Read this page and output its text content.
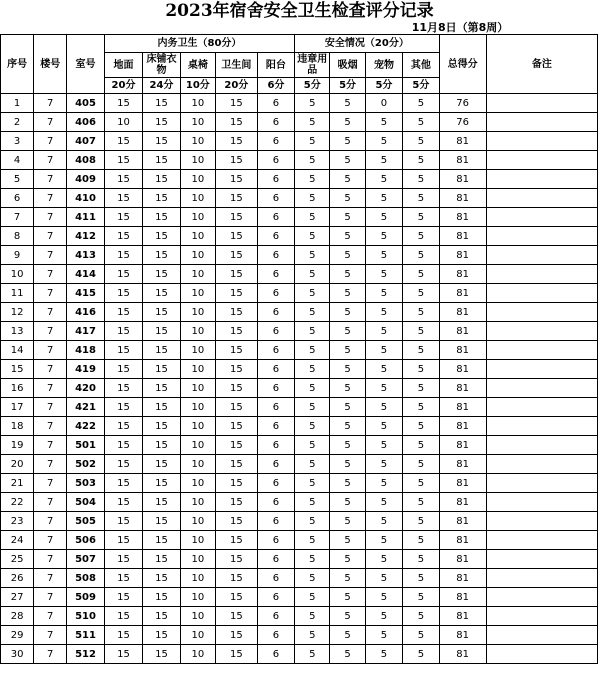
2023年宿舍安全卫生检查评分记录
11月8日（第8周）
序号	楼号	室号	内务卫生（80分）					安全情况（20分）				总得分	备注
			地面	床铺衣物	桌椅	卫生间	阳台	违章用品	吸烟	宠物	其他		
			20分	24分	10分	20分	6分	5分	5分	5分	5分		
1	7	405	15	15	10	15	6	5	5	0	5	76	
2	7	406	10	15	10	15	6	5	5	5	5	76	
3	7	407	15	15	10	15	6	5	5	5	5	81	
4	7	408	15	15	10	15	6	5	5	5	5	81	
5	7	409	15	15	10	15	6	5	5	5	5	81	
6	7	410	15	15	10	15	6	5	5	5	5	81	
7	7	411	15	15	10	15	6	5	5	5	5	81	
8	7	412	15	15	10	15	6	5	5	5	5	81	
9	7	413	15	15	10	15	6	5	5	5	5	81	
10	7	414	15	15	10	15	6	5	5	5	5	81	
11	7	415	15	15	10	15	6	5	5	5	5	81	
12	7	416	15	15	10	15	6	5	5	5	5	81	
13	7	417	15	15	10	15	6	5	5	5	5	81	
14	7	418	15	15	10	15	6	5	5	5	5	81	
15	7	419	15	15	10	15	6	5	5	5	5	81	
16	7	420	15	15	10	15	6	5	5	5	5	81	
17	7	421	15	15	10	15	6	5	5	5	5	81	
18	7	422	15	15	10	15	6	5	5	5	5	81	
19	7	501	15	15	10	15	6	5	5	5	5	81	
20	7	502	15	15	10	15	6	5	5	5	5	81	
21	7	503	15	15	10	15	6	5	5	5	5	81	
22	7	504	15	15	10	15	6	5	5	5	5	81	
23	7	505	15	15	10	15	6	5	5	5	5	81	
24	7	506	15	15	10	15	6	5	5	5	5	81	
25	7	507	15	15	10	15	6	5	5	5	5	81	
26	7	508	15	15	10	15	6	5	5	5	5	81	
27	7	509	15	15	10	15	6	5	5	5	5	81	
28	7	510	15	15	10	15	6	5	5	5	5	81	
29	7	511	15	15	10	15	6	5	5	5	5	81	
30	7	512	15	15	10	15	6	5	5	5	5	81	
